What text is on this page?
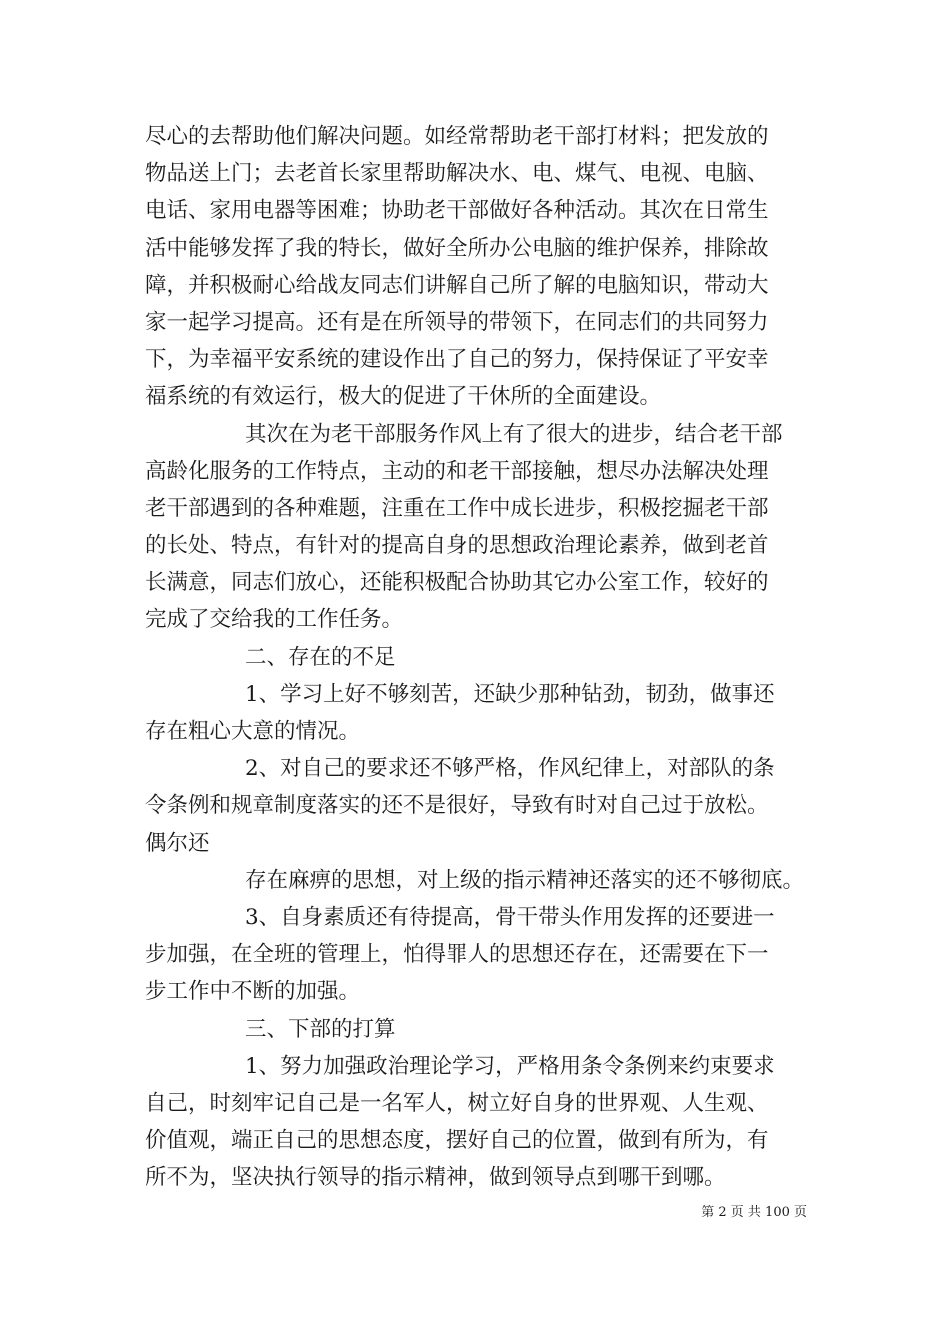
尽心的去帮助他们解决问题。如经常帮助老干部打材料；把发放的
物品送上门；去老首长家里帮助解决水、电、煤气、电视、电脑、
电话、家用电器等困难；协助老干部做好各种活动。其次在日常生
活中能够发挥了我的特长，做好全所办公电脑的维护保养，排除故
障，并积极耐心给战友同志们讲解自己所了解的电脑知识，带动大
家一起学习提高。还有是在所领导的带领下，在同志们的共同努力
下，为幸福平安系统的建设作出了自己的努力，保持保证了平安幸
福系统的有效运行，极大的促进了干休所的全面建设。
其次在为老干部服务作风上有了很大的进步，结合老干部
高龄化服务的工作特点，主动的和老干部接触，想尽办法解决处理
老干部遇到的各种难题，注重在工作中成长进步，积极挖掘老干部
的长处、特点，有针对的提高自身的思想政治理论素养，做到老首
长满意，同志们放心，还能积极配合协助其它办公室工作，较好的
完成了交给我的工作任务。
二、存在的不足
1、学习上好不够刻苦，还缺少那种钻劲，韧劲，做事还
存在粗心大意的情况。
2、对自己的要求还不够严格，作风纪律上，对部队的条
令条例和规章制度落实的还不是很好，导致有时对自己过于放松。
偶尔还
存在麻痹的思想，对上级的指示精神还落实的还不够彻底。
3、自身素质还有待提高，骨干带头作用发挥的还要进一
步加强，在全班的管理上，怕得罪人的思想还存在，还需要在下一
步工作中不断的加强。
三、下部的打算
1、努力加强政治理论学习，严格用条令条例来约束要求
自己，时刻牢记自己是一名军人，树立好自身的世界观、人生观、
价值观，端正自己的思想态度，摆好自己的位置，做到有所为，有
所不为，坚决执行领导的指示精神，做到领导点到哪干到哪。
第 2 页 共 100 页
